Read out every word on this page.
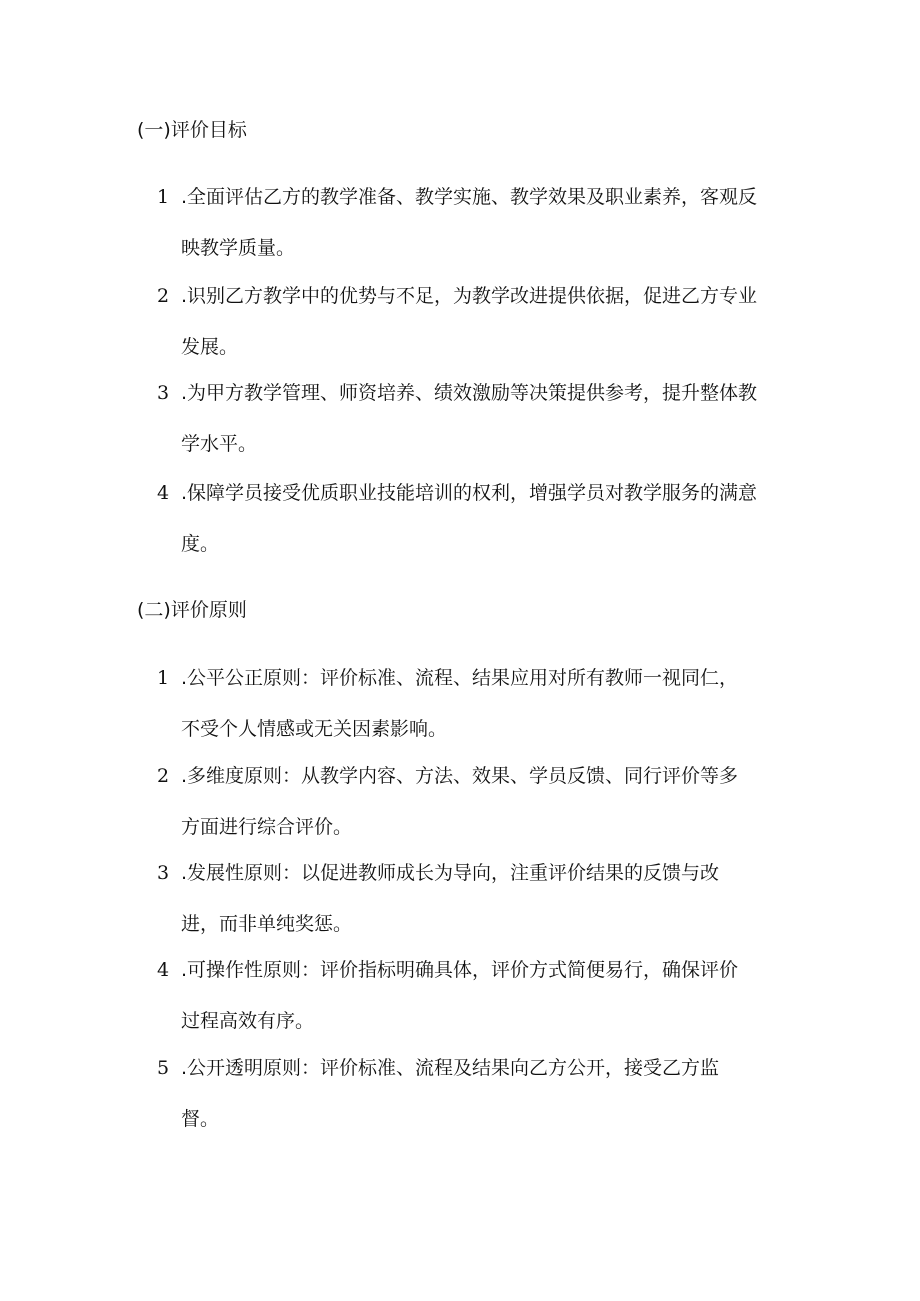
(一)评价目标
1 .全面评估乙方的教学准备、教学实施、教学效果及职业素养，客观反
映教学质量。
2 .识别乙方教学中的优势与不足，为教学改进提供依据，促进乙方专业
发展。
3 .为甲方教学管理、师资培养、绩效激励等决策提供参考，提升整体教
学水平。
4 .保障学员接受优质职业技能培训的权利，增强学员对教学服务的满意
度。
(二)评价原则
1 .公平公正原则：评价标准、流程、结果应用对所有教师一视同仁，
不受个人情感或无关因素影响。
2 .多维度原则：从教学内容、方法、效果、学员反馈、同行评价等多
方面进行综合评价。
3 .发展性原则：以促进教师成长为导向，注重评价结果的反馈与改
进，而非单纯奖惩。
4 .可操作性原则：评价指标明确具体，评价方式简便易行，确保评价
过程高效有序。
5 .公开透明原则：评价标准、流程及结果向乙方公开，接受乙方监
督。
